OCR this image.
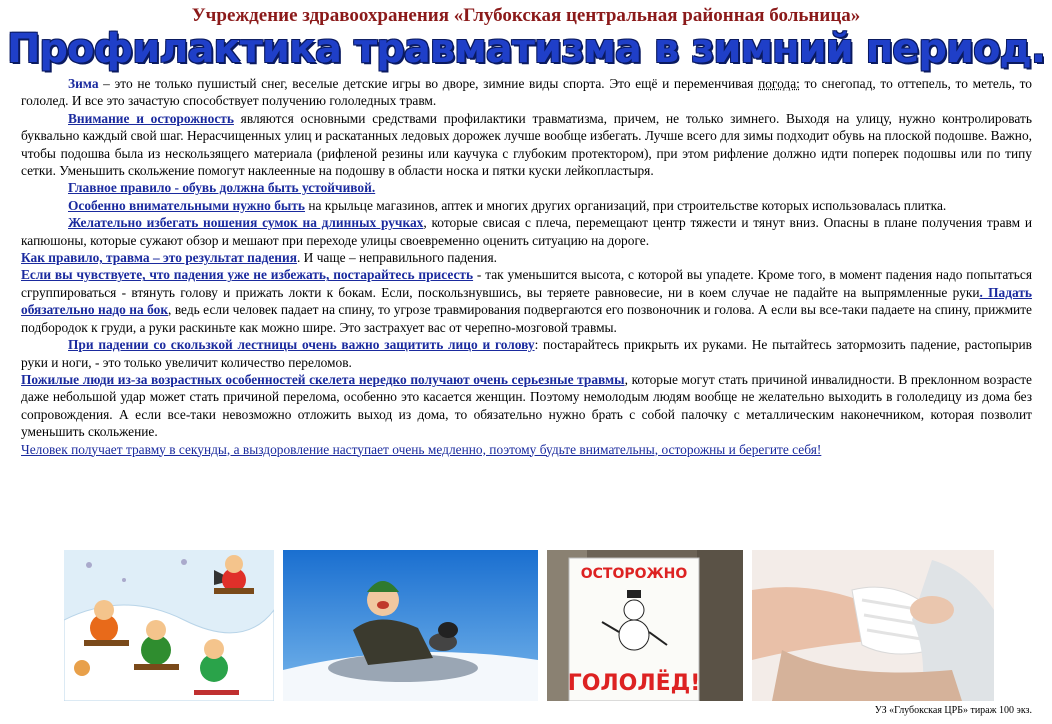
Учреждение здравоохранения «Глубокская центральная районная больница»
Профилактика травматизма в зимний период.

Зима – это не только пушистый снег, веселые детские игры во дворе, зимние виды спорта. Это ещё и переменчивая погода: то снегопад, то оттепель, то метель, то гололед. И все это зачастую способствует получению гололедных травм.

Внимание и осторожность являются основными средствами профилактики травматизма, причем, не только зимнего. Выходя на улицу, нужно контролировать буквально каждый свой шаг. Нерасчищенных улиц и раскатанных ледовых дорожек лучше вообще избегать. Лучше всего для зимы подходит обувь на плоской подошве. Важно, чтобы подошва была из нескользящего материала (рифленой резины или каучука с глубоким протектором), при этом рифление должно идти поперек подошвы или по типу сетки. Уменьшить скольжение помогут наклеенные на подошву в области носка и пятки куски лейкопластыря.

Главное правило - обувь должна быть устойчивой.

Особенно внимательными нужно быть на крыльце магазинов, аптек и многих других организаций, при строительстве которых использовалась плитка.

Желательно избегать ношения сумок на длинных ручках, которые свисая с плеча, перемещают центр тяжести и тянут вниз. Опасны в плане получения травм и капюшоны, которые сужают обзор и мешают при переходе улицы своевременно оценить ситуацию на дороге.

Как правило, травма – это результат падения. И чаще – неправильного падения.

Если вы чувствуете, что падения уже не избежать, постарайтесь присесть - так уменьшится высота, с которой вы упадете. Кроме того, в момент падения надо попытаться сгруппироваться - втянуть голову и прижать локти к бокам. Если, поскользнувшись, вы теряете равновесие, ни в коем случае не падайте на выпрямленные руки. Падать обязательно надо на бок, ведь если человек падает на спину, то угрозе травмирования подвергаются его позвоночник и голова. А если вы все-таки падаете на спину, прижмите подбородок к груди, а руки раскиньте как можно шире. Это застрахует вас от черепно-мозговой травмы.

При падении со скользкой лестницы очень важно защитить лицо и голову: постарайтесь прикрыть их руками. Не пытайтесь затормозить падение, растопырив руки и ноги, - это только увеличит количество переломов.

Пожилые люди из-за возрастных особенностей скелета нередко получают очень серьезные травмы, которые могут стать причиной инвалидности. В преклонном возрасте даже небольшой удар может стать причиной перелома, особенно это касается женщин. Поэтому немолодым людям вообще не желательно выходить в гололедицу из дома без сопровождения. А если все-таки невозможно отложить выход из дома, то обязательно нужно брать с собой палочку с металлическим наконечником, которая позволит уменьшить скольжение.

Человек получает травму в секунды, а выздоровление наступает очень медленно, поэтому будьте внимательны, осторожны и берегите себя!

ОСТОРОЖНО
ГОЛОЛЁД!
УЗ «Глубокская ЦРБ» тираж 100 экз.
